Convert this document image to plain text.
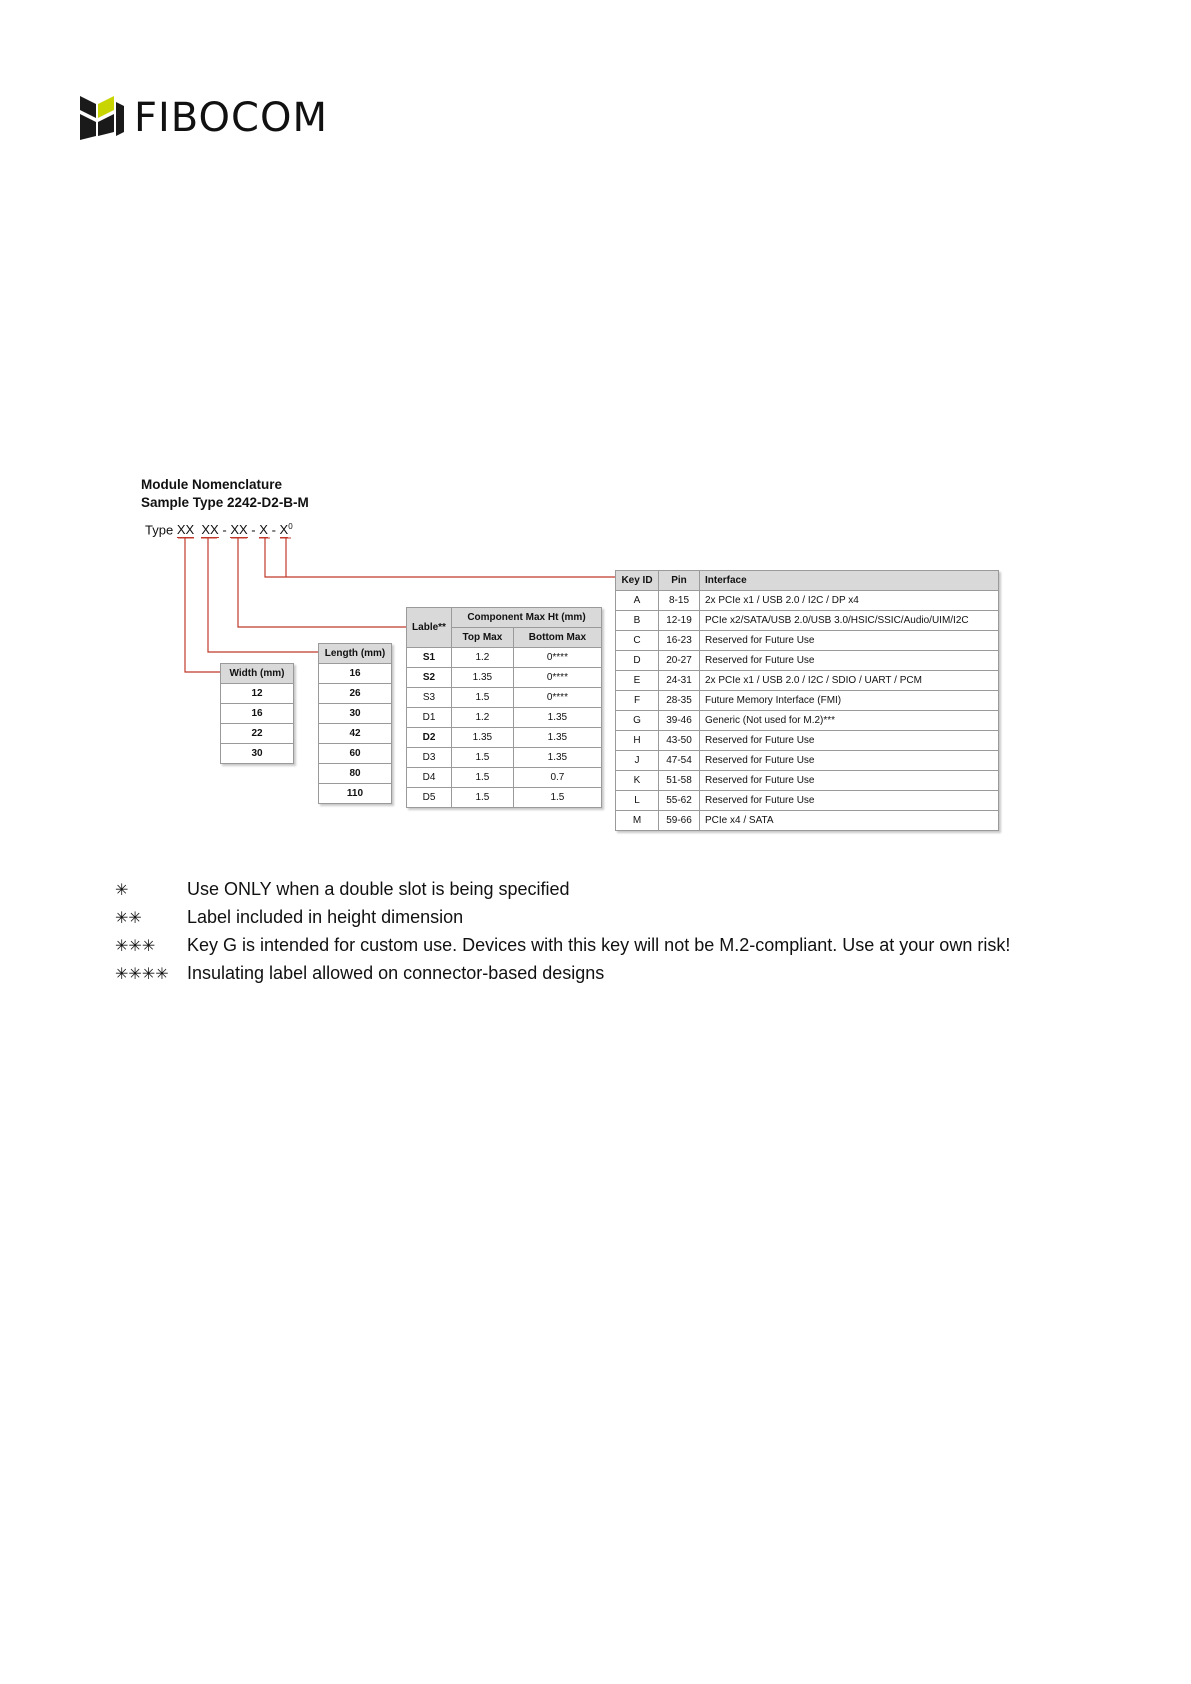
FIBOCOM
Module Nomenclature
Sample Type 2242-D2-B-M
Type XX XX - XX - X - $X^0$
Width (mm)
12
16
22
30
Length (mm)
16
26
30
42
60
80
110
Lable**	Component Max Ht (mm)	
	Top Max	Bottom Max
S1	1.2	0****
S2	1.35	0****
S3	1.5	0****
D1	1.2	1.35
D2	1.35	1.35
D3	1.5	1.35
D4	1.5	0.7
D5	1.5	1.5
Key ID	Pin	Interface
A	8-15	2x PCIe x1 / USB 2.0 / I2C / DP x4
B	12-19	PCIe x2/SATA/USB 2.0/USB 3.0/HSIC/SSIC/Audio/UIM/I2C
C	16-23	Reserved for Future Use
D	20-27	Reserved for Future Use
E	24-31	2x PCIe x1 / USB 2.0 / I2C / SDIO / UART / PCM
F	28-35	Future Memory Interface (FMI)
G	39-46	Generic (Not used for M.2)***
H	43-50	Reserved for Future Use
J	47-54	Reserved for Future Use
K	51-58	Reserved for Future Use
L	55-62	Reserved for Future Use
M	59-66	PCIe x4 / SATA
✳	Use ONLY when a double slot is being specified
✳✳	Label included in height dimension
✳✳✳ Key G is intended for custom use. Devices with this key will not be M.2-compliant. Use at your own risk!
✳✳✳✳ Insulating label allowed on connector-based designs
